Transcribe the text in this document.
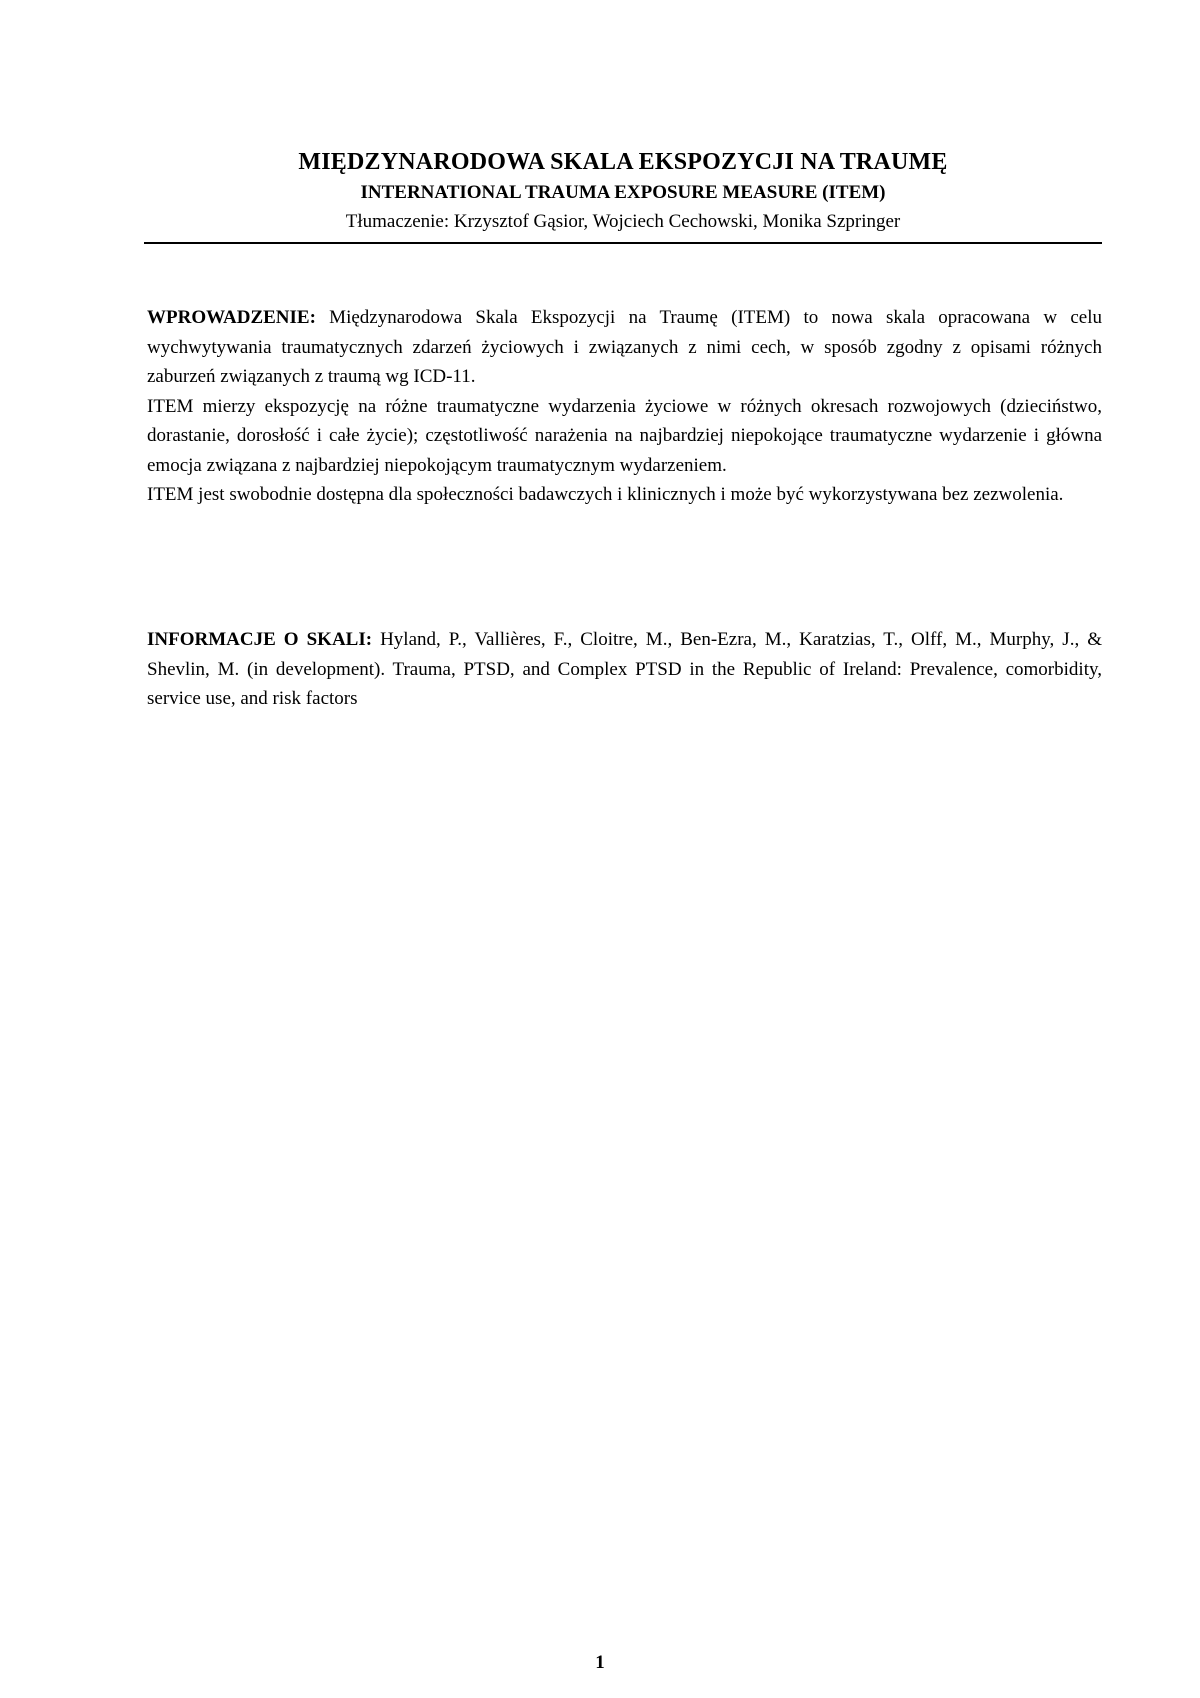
MIĘDZYNARODOWA SKALA EKSPOZYCJI NA TRAUMĘ

INTERNATIONAL TRAUMA EXPOSURE MEASURE (ITEM)

Tłumaczenie: Krzysztof Gąsior, Wojciech Cechowski, Monika Szpringer

WPROWADZENIE: Międzynarodowa Skala Ekspozycji na Traumę (ITEM) to nowa skala opracowana w celu wychwytywania traumatycznych zdarzeń życiowych i związanych z nimi cech, w sposób zgodny z opisami różnych zaburzeń związanych z traumą wg ICD-11.

ITEM mierzy ekspozycję na różne traumatyczne wydarzenia życiowe w różnych okresach rozwojowych (dzieciństwo, dorastanie, dorosłość i całe życie); częstotliwość narażenia na najbardziej niepokojące traumatyczne wydarzenie i główna emocja związana z najbardziej niepokojącym traumatycznym wydarzeniem.

ITEM jest swobodnie dostępna dla społeczności badawczych i klinicznych i może być wykorzystywana bez zezwolenia.

INFORMACJE O SKALI: Hyland, P., Vallières, F., Cloitre, M., Ben-Ezra, M., Karatzias, T., Olff, M., Murphy, J., & Shevlin, M. (in development). Trauma, PTSD, and Complex PTSD in the Republic of Ireland: Prevalence, comorbidity, service use, and risk factors

1
